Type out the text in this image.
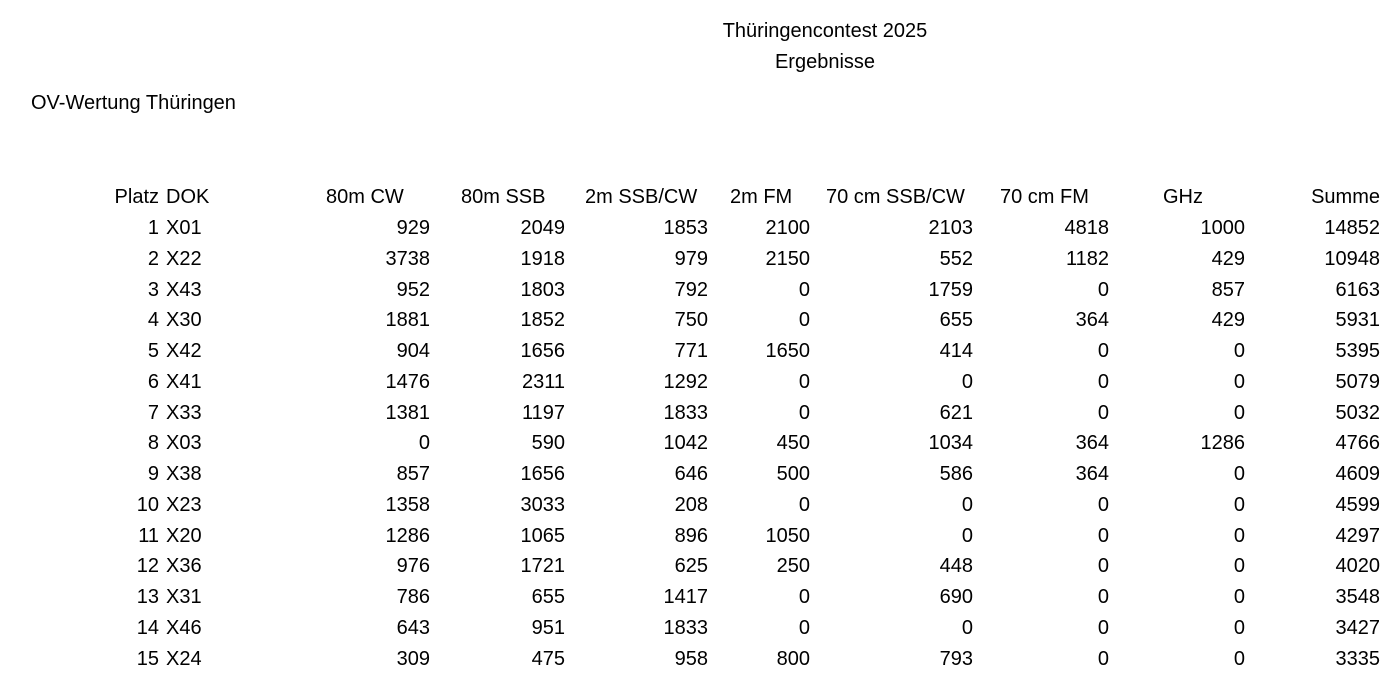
Thüringencontest 2025
Ergebnisse
OV-Wertung Thüringen
Platz	DOK	80m CW	80m SSB	2m SSB/CW	2m FM	70 cm SSB/CW	70 cm FM	GHz	Summe
1	X01	929	2049	1853	2100	2103	4818	1000	14852
2	X22	3738	1918	979	2150	552	1182	429	10948
3	X43	952	1803	792	0	1759	0	857	6163
4	X30	1881	1852	750	0	655	364	429	5931
5	X42	904	1656	771	1650	414	0	0	5395
6	X41	1476	2311	1292	0	0	0	0	5079
7	X33	1381	1197	1833	0	621	0	0	5032
8	X03	0	590	1042	450	1034	364	1286	4766
9	X38	857	1656	646	500	586	364	0	4609
10	X23	1358	3033	208	0	0	0	0	4599
11	X20	1286	1065	896	1050	0	0	0	4297
12	X36	976	1721	625	250	448	0	0	4020
13	X31	786	655	1417	0	690	0	0	3548
14	X46	643	951	1833	0	0	0	0	3427
15	X24	309	475	958	800	793	0	0	3335
